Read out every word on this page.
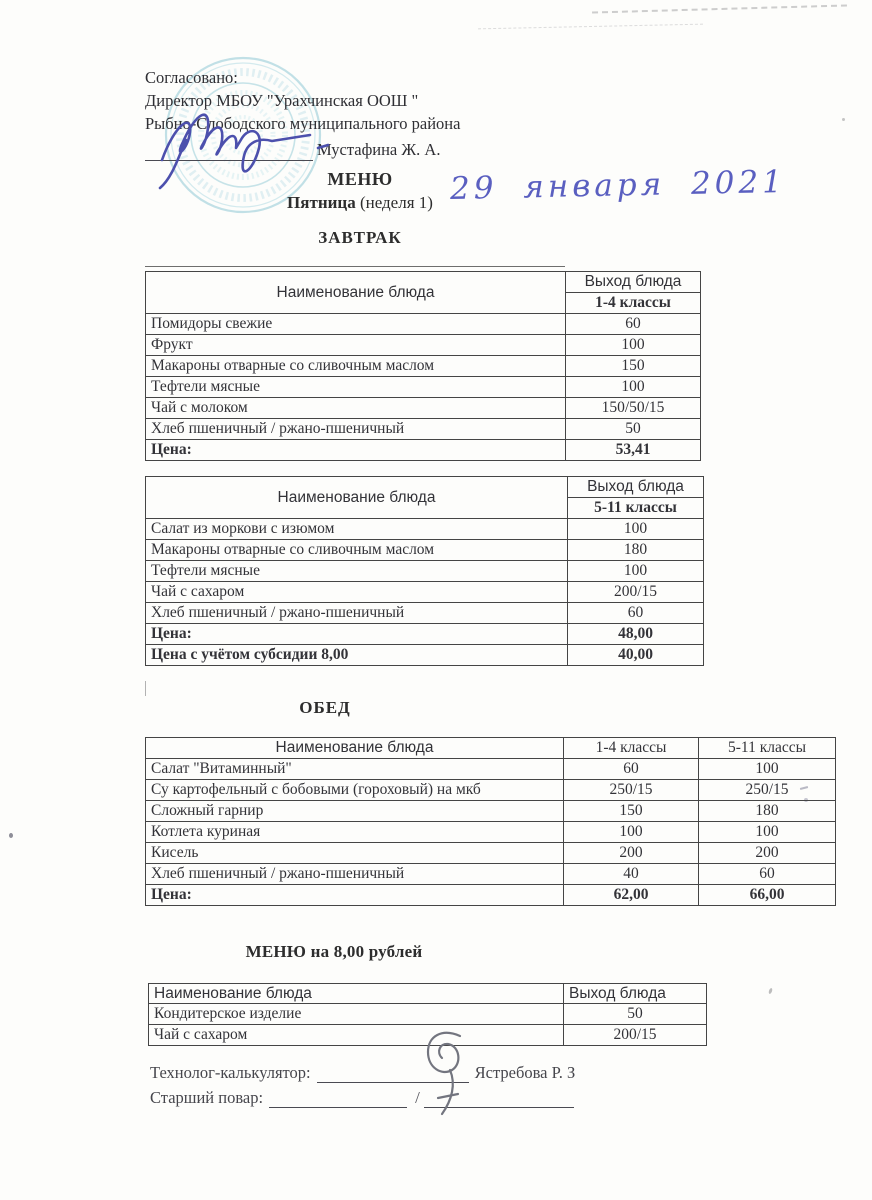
Согласовано:
Директор МБОУ "Урахчинская ООШ "
Рыбно-Слободского муниципального района
Мустафина Ж. А.
МЕНЮ
Пятница (неделя 1) 29 января 2021
ЗАВТРАК
Наименование блюда	Выход блюда
	1-4 классы
Помидоры свежие	60
Фрукт	100
Макароны отварные со сливочным маслом	150
Тефтели мясные	100
Чай с молоком	150/50/15
Хлеб пшеничный / ржано-пшеничный	50
Цена:	53,41
Наименование блюда	Выход блюда
	5-11 классы
Салат из моркови с изюмом	100
Макароны отварные со сливочным маслом	180
Тефтели мясные	100
Чай с сахаром	200/15
Хлеб пшеничный / ржано-пшеничный	60
Цена:	48,00
Цена с учётом субсидии 8,00	40,00
ОБЕД
Наименование блюда	1-4 классы	5-11 классы
Салат "Витаминный"	60	100
Су картофельный с бобовыми (гороховый) на мкб	250/15	250/15
Сложный гарнир	150	180
Котлета куриная	100	100
Кисель	200	200
Хлеб пшеничный / ржано-пшеничный	40	60
Цена:	62,00	66,00
МЕНЮ на 8,00 рублей
Наименование блюда	Выход блюда
Кондитерское изделие	50
Чай с сахаром	200/15
Технолог-калькулятор:	Ястребова Р. З
Старший повар:	/
